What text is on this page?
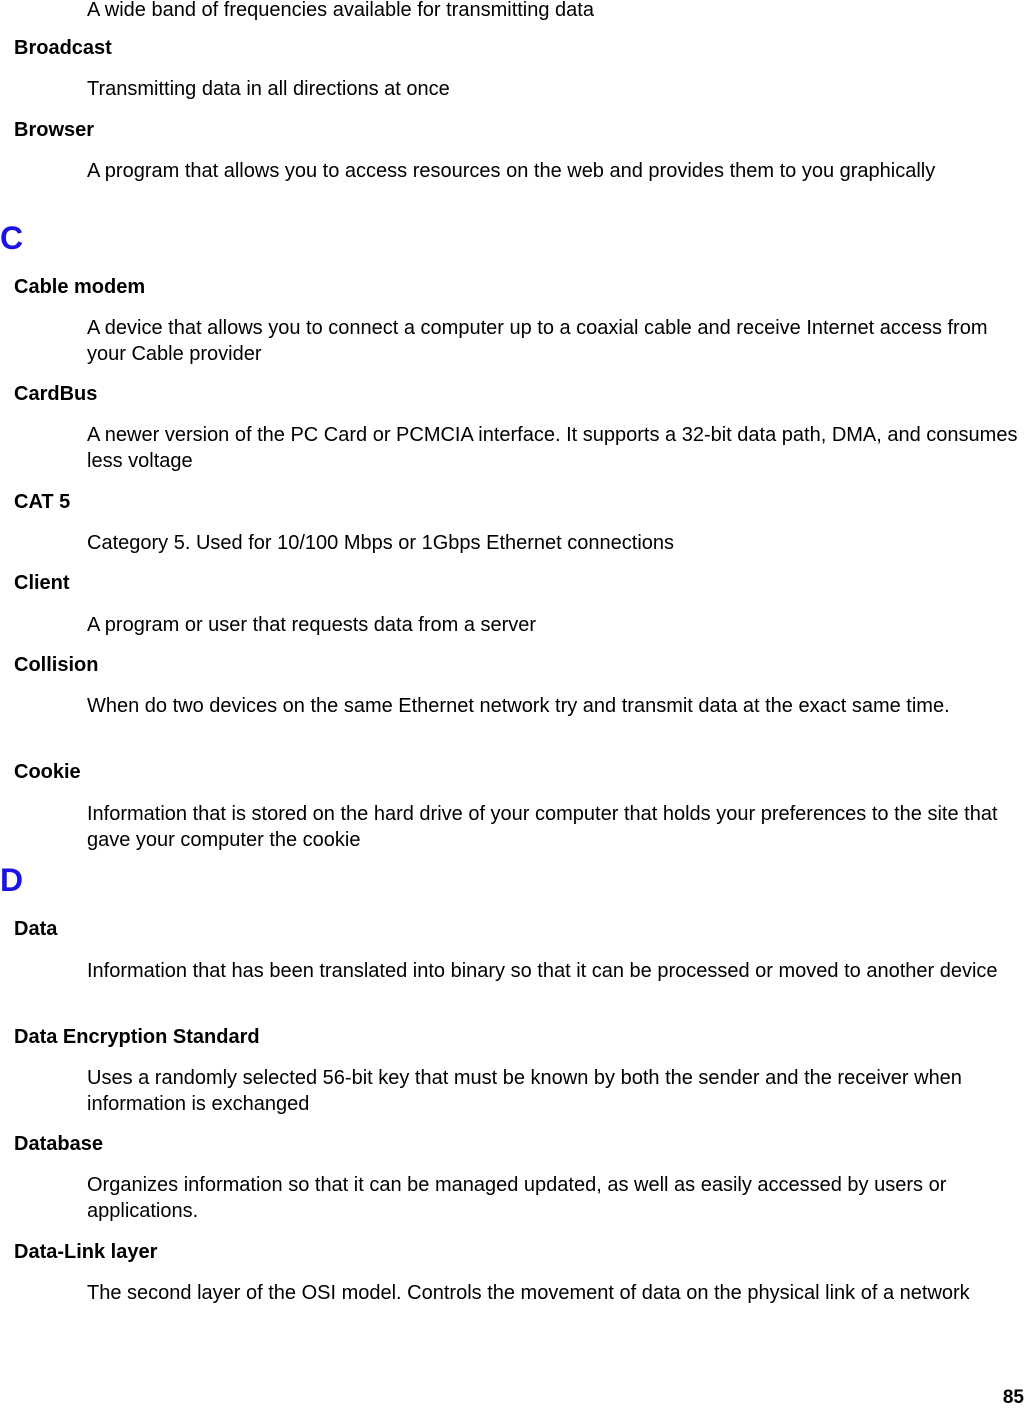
A wide band of frequencies available for transmitting data
Broadcast
Transmitting data in all directions at once
Browser
A program that allows you to access resources on the web and provides them to you graphically
C
Cable modem
A device that allows you to connect a computer up to a coaxial cable and receive Internet access from your Cable provider
CardBus
A newer version of the PC Card or PCMCIA interface. It supports a 32-bit data path, DMA, and consumes less voltage
CAT 5
Category 5. Used for 10/100 Mbps or 1Gbps Ethernet connections
Client
A program or user that requests data from a server
Collision
When do two devices on the same Ethernet network try and transmit data at the exact same time.
Cookie
Information that is stored on the hard drive of your computer that holds your preferences to the site that gave your computer the cookie
D
Data
Information that has been translated into binary so that it can be processed or moved to another device
Data Encryption Standard
Uses a randomly selected 56-bit key that must be known by both the sender and the receiver when information is exchanged
Database
Organizes information so that it can be managed updated, as well as easily accessed by users or applications.
Data-Link layer
The second layer of the OSI model. Controls the movement of data on the physical link of a network
85
